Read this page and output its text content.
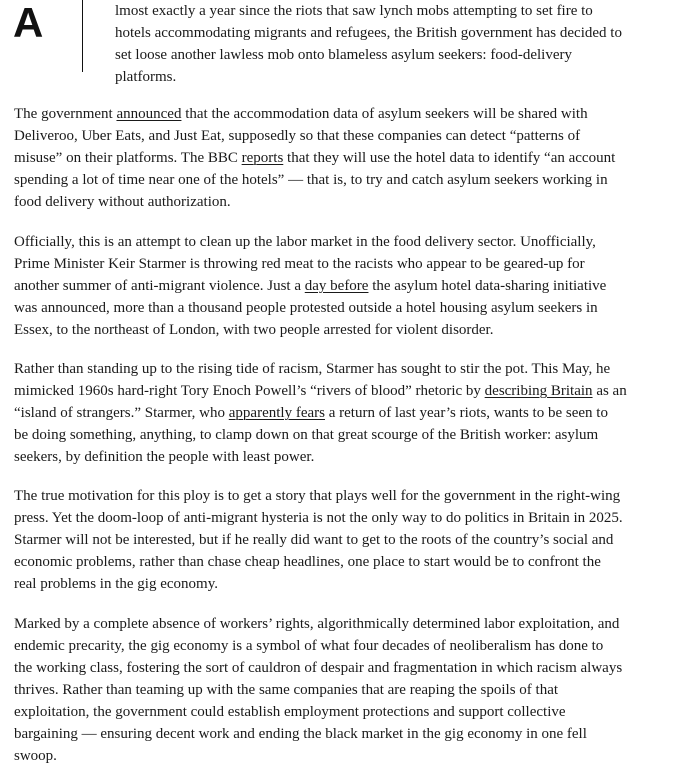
A	lmost exactly a year since the riots that saw lynch mobs attempting to set fire to
hotels accommodating migrants and refugees, the British government has decided to
set loose another lawless mob onto blameless asylum seekers: food-delivery
platforms.
The government announced that the accommodation data of asylum seekers will be shared with
Deliveroo, Uber Eats, and Just Eat, supposedly so that these companies can detect “patterns of
misuse” on their platforms. The BBC reports that they will use the hotel data to identify “an account
spending a lot of time near one of the hotels” — that is, to try and catch asylum seekers working in
food delivery without authorization.
Officially, this is an attempt to clean up the labor market in the food delivery sector. Unofficially,
Prime Minister Keir Starmer is throwing red meat to the racists who appear to be geared-up for
another summer of anti-migrant violence. Just a day before the asylum hotel data-sharing initiative
was announced, more than a thousand people protested outside a hotel housing asylum seekers in
Essex, to the northeast of London, with two people arrested for violent disorder.
Rather than standing up to the rising tide of racism, Starmer has sought to stir the pot. This May, he
mimicked 1960s hard-right Tory Enoch Powell’s “rivers of blood” rhetoric by describing Britain as an
“island of strangers.” Starmer, who apparently fears a return of last year’s riots, wants to be seen to
be doing something, anything, to clamp down on that great scourge of the British worker: asylum
seekers, by definition the people with least power.
The true motivation for this ploy is to get a story that plays well for the government in the right-wing
press. Yet the doom-loop of anti-migrant hysteria is not the only way to do politics in Britain in 2025.
Starmer will not be interested, but if he really did want to get to the roots of the country’s social and
economic problems, rather than chase cheap headlines, one place to start would be to confront the
real problems in the gig economy.
Marked by a complete absence of workers’ rights, algorithmically determined labor exploitation, and
endemic precarity, the gig economy is a symbol of what four decades of neoliberalism has done to
the working class, fostering the sort of cauldron of despair and fragmentation in which racism always
thrives. Rather than teaming up with the same companies that are reaping the spoils of that
exploitation, the government could establish employment protections and support collective
bargaining — ensuring decent work and ending the black market in the gig economy in one fell
swoop.
